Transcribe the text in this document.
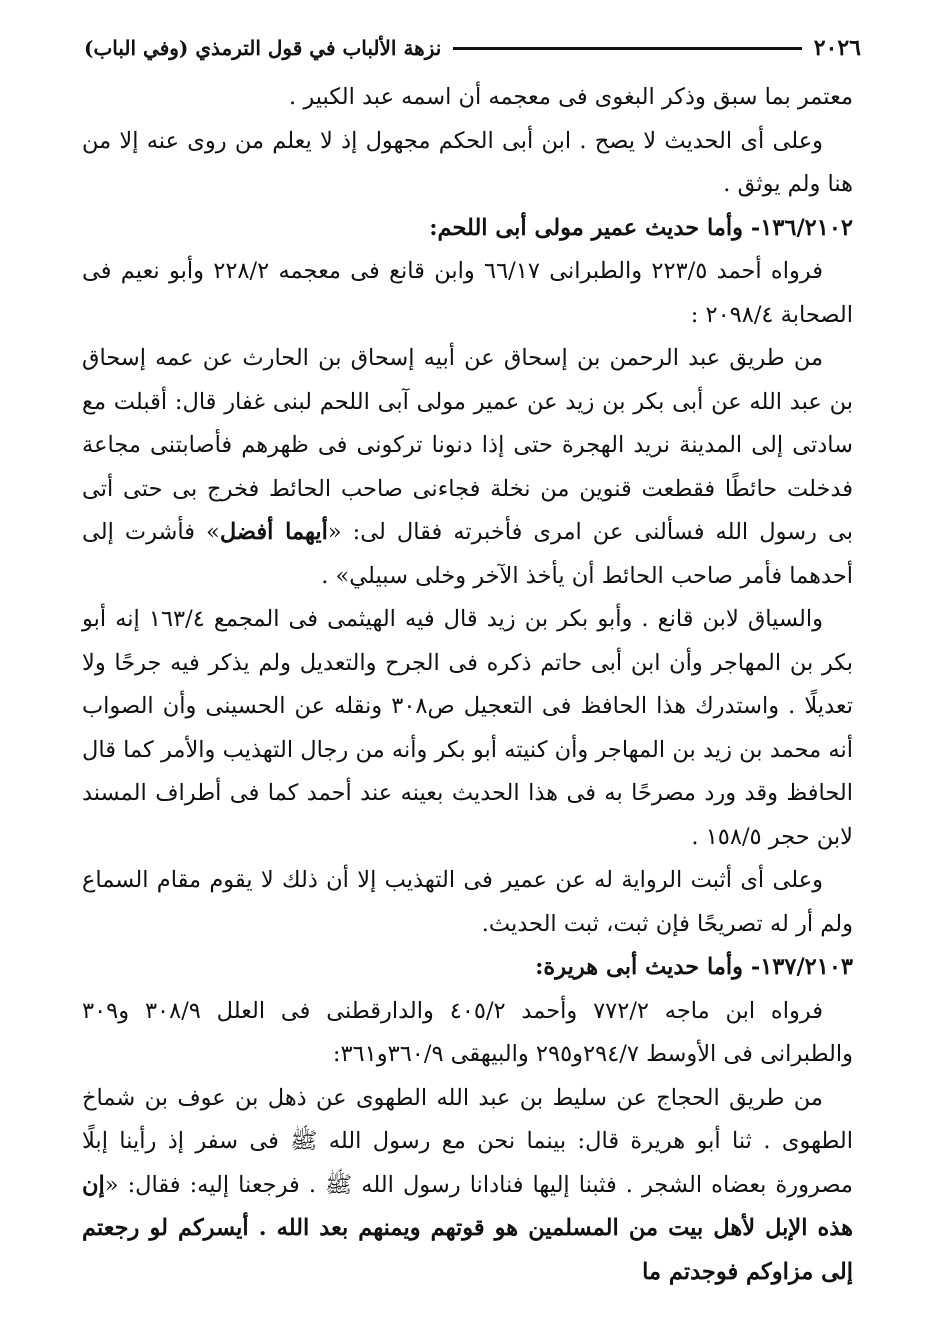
٢٠٢٦
نزهة الألباب في قول الترمذي (وفي الباب)

معتمر بما سبق وذكر البغوى فى معجمه أن اسمه عبد الكبير .

وعلى أى الحديث لا يصح . ابن أبى الحكم مجهول إذ لا يعلم من روى عنه إلا من هنا ولم يوثق .

١٣٦/٢١٠٢- وأما حديث عمير مولى أبى اللحم:

فرواه أحمد ٢٢٣/٥ والطبرانى ٦٦/١٧ وابن قانع فى معجمه ٢٢٨/٢ وأبو نعيم فى الصحابة ٢٠٩٨/٤ :

من طريق عبد الرحمن بن إسحاق عن أبيه إسحاق بن الحارث عن عمه إسحاق بن عبد الله عن أبى بكر بن زيد عن عمير مولى آبى اللحم لبنى غفار قال: أقبلت مع سادتى إلى المدينة نريد الهجرة حتى إذا دنونا تركونى فى ظهرهم فأصابتنى مجاعة فدخلت حائطًا فقطعت قنوين من نخلة فجاءنى صاحب الحائط فخرج بى حتى أتى بى رسول الله فسألنى عن امرى فأخبرته فقال لى: «أيهما أفضل» فأشرت إلى أحدهما فأمر صاحب الحائط أن يأخذ الآخر وخلى سبيلي» .

والسياق لابن قانع . وأبو بكر بن زيد قال فيه الهيثمى فى المجمع ١٦٣/٤ إنه أبو بكر بن المهاجر وأن ابن أبى حاتم ذكره فى الجرح والتعديل ولم يذكر فيه جرحًا ولا تعديلًا . واستدرك هذا الحافظ فى التعجيل ص٣٠٨ ونقله عن الحسينى وأن الصواب أنه محمد بن زيد بن المهاجر وأن كنيته أبو بكر وأنه من رجال التهذيب والأمر كما قال الحافظ وقد ورد مصرحًا به فى هذا الحديث بعينه عند أحمد كما فى أطراف المسند لابن حجر ١٥٨/٥ .

وعلى أى أثبت الرواية له عن عمير فى التهذيب إلا أن ذلك لا يقوم مقام السماع ولم أر له تصريحًا فإن ثبت، ثبت الحديث.

١٣٧/٢١٠٣- وأما حديث أبى هريرة:

فرواه ابن ماجه ٧٧٢/٢ وأحمد ٤٠٥/٢ والدارقطنى فى العلل ٣٠٨/٩ و٣٠٩ والطبرانى فى الأوسط ٢٩٤/٧و٢٩٥ والبيهقى ٣٦٠/٩و٣٦١:

من طريق الحجاج عن سليط بن عبد الله الطهوى عن ذهل بن عوف بن شماخ الطهوى . ثنا أبو هريرة قال: بينما نحن مع رسول الله ﷺ فى سفر إذ رأينا إبلًا مصرورة بعضاه الشجر . فثبنا إليها فنادانا رسول الله ﷺ . فرجعنا إليه: فقال: «إن هذه الإبل لأهل بيت من المسلمين هو قوتهم ويمنهم بعد الله . أيسركم لو رجعتم إلى مزاوكم فوجدتم ما
